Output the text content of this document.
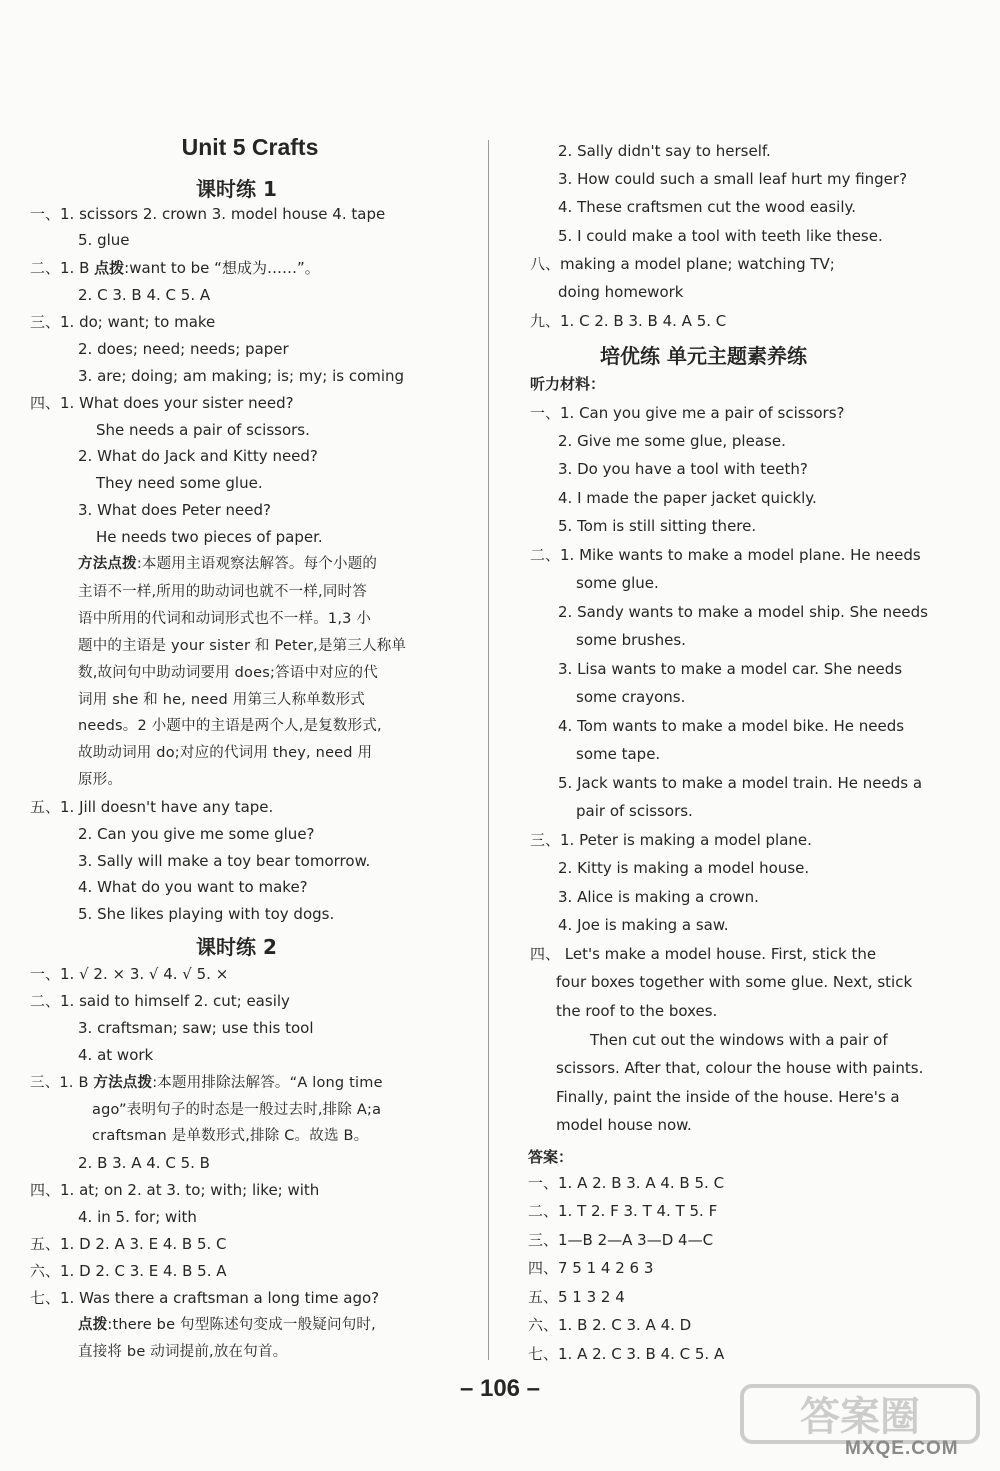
Unit 5 Crafts
课时练 1
一、1. scissors 2. crown 3. model house 4. tape
5. glue
二、1. B 点拨:want to be “想成为……”。
2. C 3. B 4. C 5. A
三、1. do; want; to make
2. does; need; needs; paper
3. are; doing; am making; is; my; is coming
四、1. What does your sister need?
She needs a pair of scissors.
2. What do Jack and Kitty need?
They need some glue.
3. What does Peter need?
He needs two pieces of paper.
方法点拨:本题用主语观察法解答。每个小题的
主语不一样,所用的助动词也就不一样,同时答
语中所用的代词和动词形式也不一样。1,3 小
题中的主语是 your sister 和 Peter,是第三人称单
数,故问句中助动词要用 does;答语中对应的代
词用 she 和 he, need 用第三人称单数形式
needs。2 小题中的主语是两个人,是复数形式,
故助动词用 do;对应的代词用 they, need 用
原形。
五、1. Jill doesn't have any tape.
2. Can you give me some glue?
3. Sally will make a toy bear tomorrow.
4. What do you want to make?
5. She likes playing with toy dogs.
课时练 2
一、1. √ 2. × 3. √ 4. √ 5. ×
二、1. said to himself 2. cut; easily
3. craftsman; saw; use this tool
4. at work
三、1. B 方法点拨:本题用排除法解答。“A long time
ago”表明句子的时态是一般过去时,排除 A;a
craftsman 是单数形式,排除 C。故选 B。
2. B 3. A 4. C 5. B
四、1. at; on 2. at 3. to; with; like; with
4. in 5. for; with
五、1. D 2. A 3. E 4. B 5. C
六、1. D 2. C 3. E 4. B 5. A
七、1. Was there a craftsman a long time ago?
点拨:there be 句型陈述句变成一般疑问句时,
直接将 be 动词提前,放在句首。
2. Sally didn't say to herself.
3. How could such a small leaf hurt my finger?
4. These craftsmen cut the wood easily.
5. I could make a tool with teeth like these.
八、making a model plane; watching TV;
doing homework
九、1. C 2. B 3. B 4. A 5. C
培优练 单元主题素养练
听力材料：
一、1. Can you give me a pair of scissors?
2. Give me some glue, please.
3. Do you have a tool with teeth?
4. I made the paper jacket quickly.
5. Tom is still sitting there.
二、1. Mike wants to make a model plane. He needs
some glue.
2. Sandy wants to make a model ship. She needs
some brushes.
3. Lisa wants to make a model car. She needs
some crayons.
4. Tom wants to make a model bike. He needs
some tape.
5. Jack wants to make a model train. He needs a
pair of scissors.
三、1. Peter is making a model plane.
2. Kitty is making a model house.
3. Alice is making a crown.
4. Joe is making a saw.
四、 Let's make a model house. First, stick the
four boxes together with some glue. Next, stick
the roof to the boxes.
Then cut out the windows with a pair of
scissors. After that, colour the house with paints.
Finally, paint the inside of the house. Here's a
model house now.
答案：
一、1. A 2. B 3. A 4. B 5. C
二、1. T 2. F 3. T 4. T 5. F
三、1—B 2—A 3—D 4—C
四、7 5 1 4 2 6 3
五、5 1 3 2 4
六、1. B 2. C 3. A 4. D
七、1. A 2. C 3. B 4. C 5. A
– 106 –
答案圈
MXQE.COM
